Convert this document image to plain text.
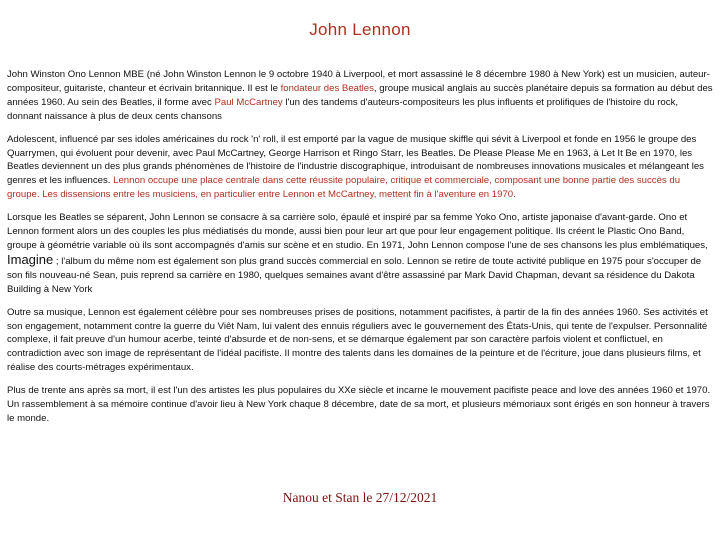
John Lennon

John Winston Ono Lennon MBE (né John Winston Lennon le 9 octobre 1940 à Liverpool, et mort assassiné le 8 décembre 1980 à New York) est un musicien, auteur-compositeur, guitariste, chanteur et écrivain britannique. Il est le fondateur des Beatles, groupe musical anglais au succès planétaire depuis sa formation au début des années 1960. Au sein des Beatles, il forme avec Paul McCartney l'un des tandems d'auteurs-compositeurs les plus influents et prolifiques de l'histoire du rock, donnant naissance à plus de deux cents chansons

Adolescent, influencé par ses idoles américaines du rock 'n' roll, il est emporté par la vague de musique skiffle qui sévit à Liverpool et fonde en 1956 le groupe des Quarrymen, qui évoluent pour devenir, avec Paul McCartney, George Harrison et Ringo Starr, les Beatles. De Please Please Me en 1963, à Let It Be en 1970, les Beatles deviennent un des plus grands phénomènes de l'histoire de l'industrie discographique, introduisant de nombreuses innovations musicales et mélangeant les genres et les influences. Lennon occupe une place centrale dans cette réussite populaire, critique et commerciale, composant une bonne partie des succès du groupe. Les dissensions entre les musiciens, en particulier entre Lennon et McCartney, mettent fin à l'aventure en 1970.

Lorsque les Beatles se séparent, John Lennon se consacre à sa carrière solo, épaulé et inspiré par sa femme Yoko Ono, artiste japonaise d'avant-garde. Ono et Lennon forment alors un des couples les plus médiatisés du monde, aussi bien pour leur art que pour leur engagement politique. Ils créent le Plastic Ono Band, groupe à géométrie variable où ils sont accompagnés d'amis sur scène et en studio. En 1971, John Lennon compose l'une de ses chansons les plus emblématiques, Imagine ; l'album du même nom est également son plus grand succès commercial en solo. Lennon se retire de toute activité publique en 1975 pour s'occuper de son fils nouveau-né Sean, puis reprend sa carrière en 1980, quelques semaines avant d'être assassiné par Mark David Chapman, devant sa résidence du Dakota Building à New York

Outre sa musique, Lennon est également célèbre pour ses nombreuses prises de positions, notamment pacifistes, à partir de la fin des années 1960. Ses activités et son engagement, notamment contre la guerre du Viêt Nam, lui valent des ennuis réguliers avec le gouvernement des États-Unis, qui tente de l'expulser. Personnalité complexe, il fait preuve d'un humour acerbe, teinté d'absurde et de non-sens, et se démarque également par son caractère parfois violent et conflictuel, en contradiction avec son image de représentant de l'idéal pacifiste. Il montre des talents dans les domaines de la peinture et de l'écriture, joue dans plusieurs films, et réalise des courts-métrages expérimentaux.

Plus de trente ans après sa mort, il est l'un des artistes les plus populaires du XXe siècle et incarne le mouvement pacifiste peace and love des années 1960 et 1970. Un rassemblement à sa mémoire continue d'avoir lieu à New York chaque 8 décembre, date de sa mort, et plusieurs mémoriaux sont érigés en son honneur à travers le monde.

Nanou et Stan le 27/12/2021
